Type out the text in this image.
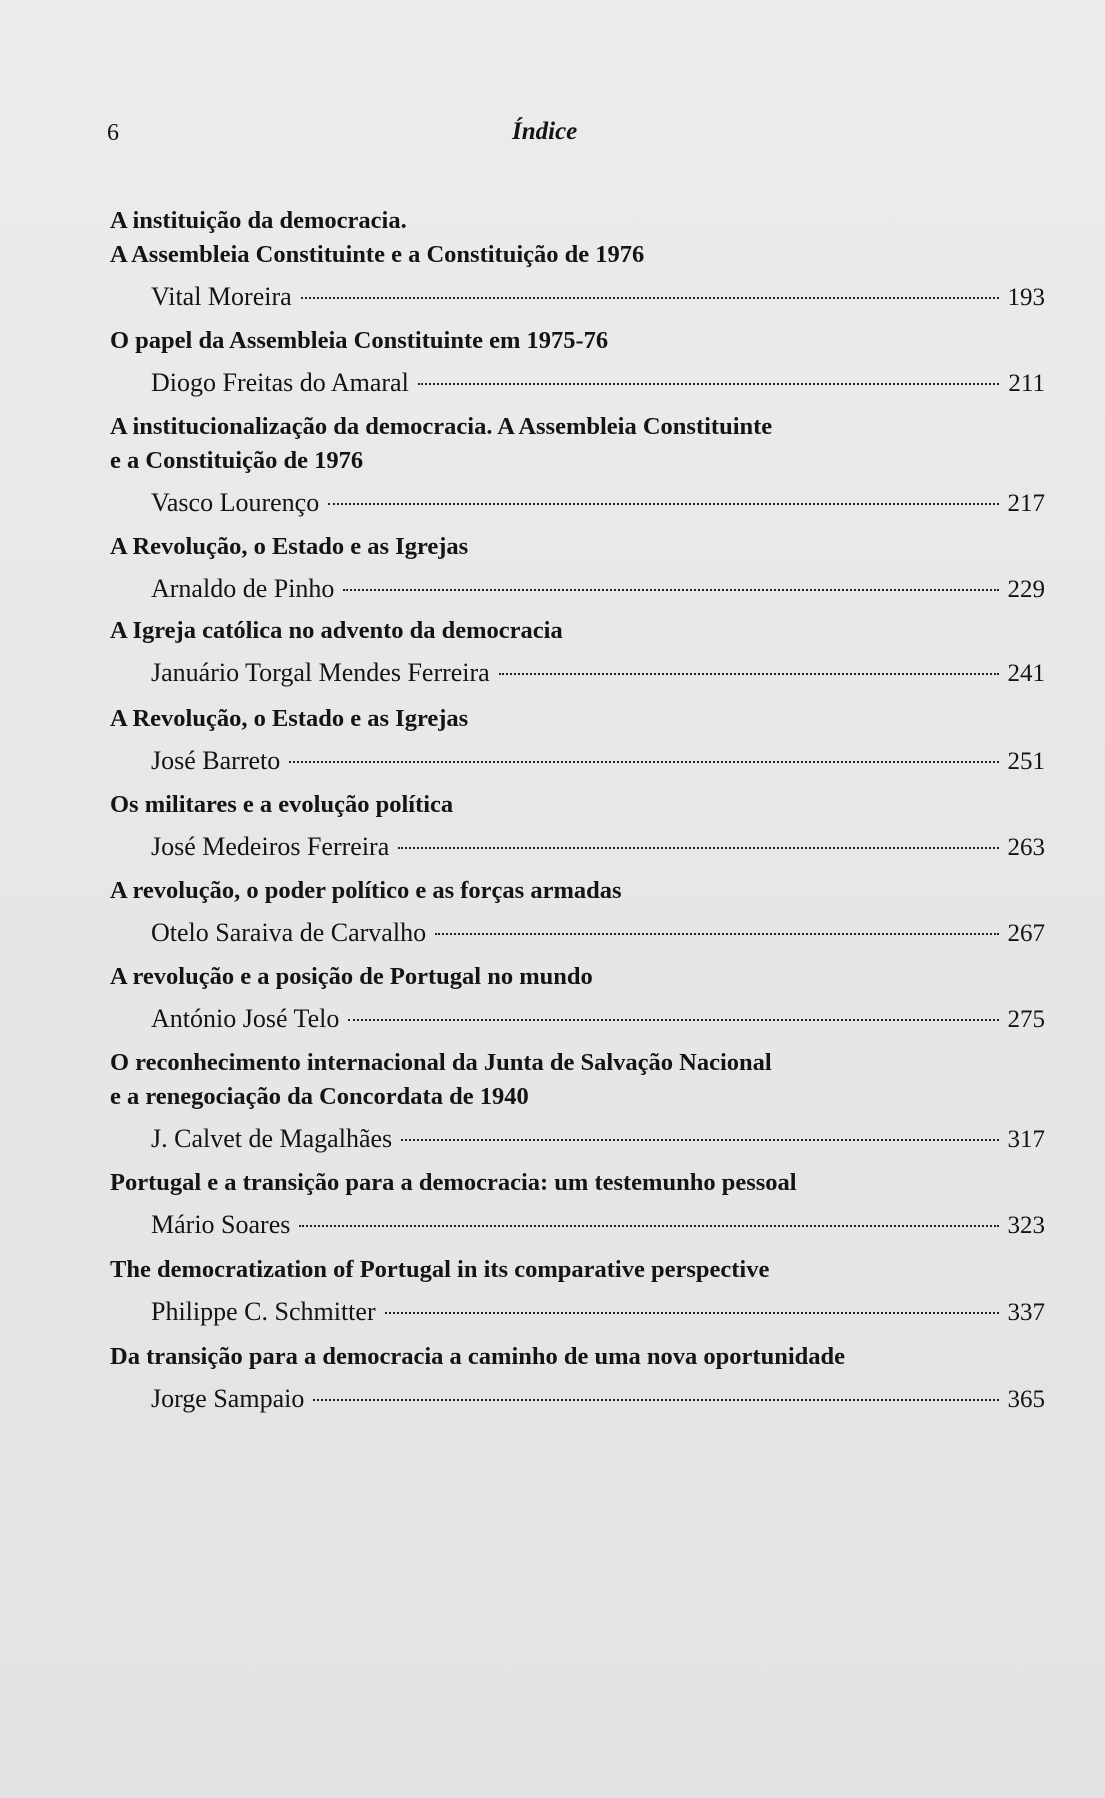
6	Índice
A instituição da democracia.
A Assembleia Constituinte e a Constituição de 1976
Vital Moreira	193
O papel da Assembleia Constituinte em 1975-76
Diogo Freitas do Amaral	211
A institucionalização da democracia. A Assembleia Constituinte
e a Constituição de 1976
Vasco Lourenço	217
A Revolução, o Estado e as Igrejas
Arnaldo de Pinho	229
A Igreja católica no advento da democracia
Januário Torgal Mendes Ferreira	241
A Revolução, o Estado e as Igrejas
José Barreto	251
Os militares e a evolução política
José Medeiros Ferreira	263
A revolução, o poder político e as forças armadas
Otelo Saraiva de Carvalho	267
A revolução e a posição de Portugal no mundo
António José Telo	275
O reconhecimento internacional da Junta de Salvação Nacional
e a renegociação da Concordata de 1940
J. Calvet de Magalhães	317
Portugal e a transição para a democracia: um testemunho pessoal
Mário Soares	323
The democratization of Portugal in its comparative perspective
Philippe C. Schmitter	337
Da transição para a democracia a caminho de uma nova oportunidade
Jorge Sampaio	365
